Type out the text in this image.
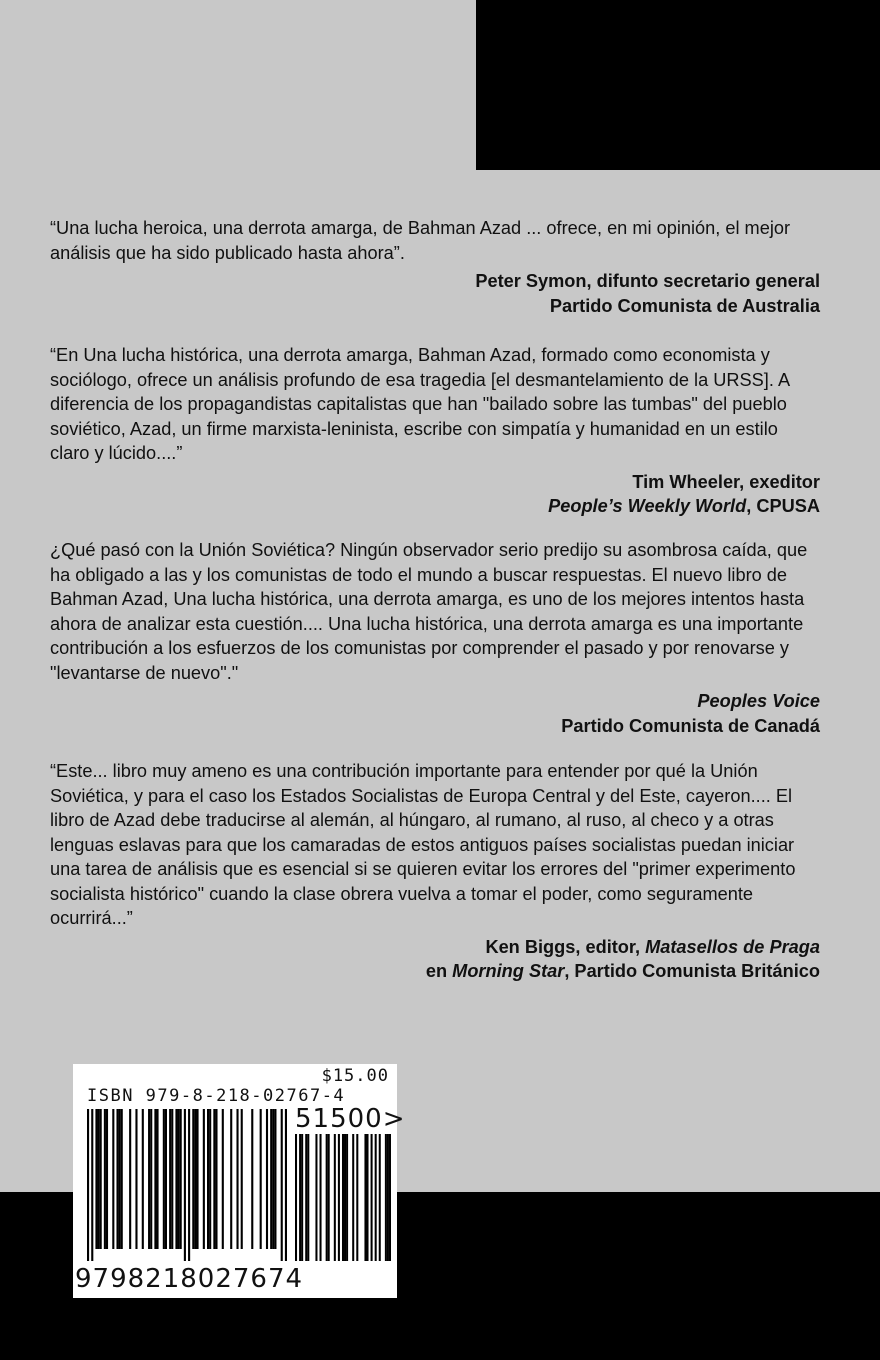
“Una lucha heroica, una derrota amarga, de Bahman Azad ... ofrece, en mi opinión, el mejor análisis que ha sido publicado hasta ahora”.

Peter Symon, difunto secretario general
Partido Comunista de Australia

“En Una lucha histórica, una derrota amarga, Bahman Azad, formado como economista y sociólogo, ofrece un análisis profundo de esa tragedia [el desmantelamiento de la URSS]. A diferencia de los propagandistas capitalistas que han "bailado sobre las tumbas" del pueblo soviético, Azad, un firme marxista-leninista, escribe con simpatía y humanidad en un estilo claro y lúcido....”

Tim Wheeler, exeditor
People’s Weekly World, CPUSA

¿Qué pasó con la Unión Soviética? Ningún observador serio predijo su asombrosa caída, que ha obligado a las y los comunistas de todo el mundo a buscar respuestas. El nuevo libro de Bahman Azad, Una lucha histórica, una derrota amarga, es uno de los mejores intentos hasta ahora de analizar esta cuestión.... Una lucha histórica, una derrota amarga es una importante contribución a los esfuerzos de los comunistas por comprender el pasado y por renovarse y "levantarse de nuevo"."

Peoples Voice
Partido Comunista de Canadá

“Este... libro muy ameno es una contribución importante para entender por qué la Unión Soviética, y para el caso los Estados Socialistas de Europa Central y del Este, cayeron.... El libro de Azad debe traducirse al alemán, al húngaro, al rumano, al ruso, al checo y a otras lenguas eslavas para que los camaradas de estos antiguos países socialistas puedan iniciar una tarea de análisis que es esencial si se quieren evitar los errores del "primer experimento socialista histórico" cuando la clase obrera vuelva a tomar el poder, como seguramente ocurrirá...”

Ken Biggs, editor, Matasellos de Praga
en Morning Star, Partido Comunista Británico
$15.00
ISBN 979-8-218-02767-4
51500>
9798218027674
